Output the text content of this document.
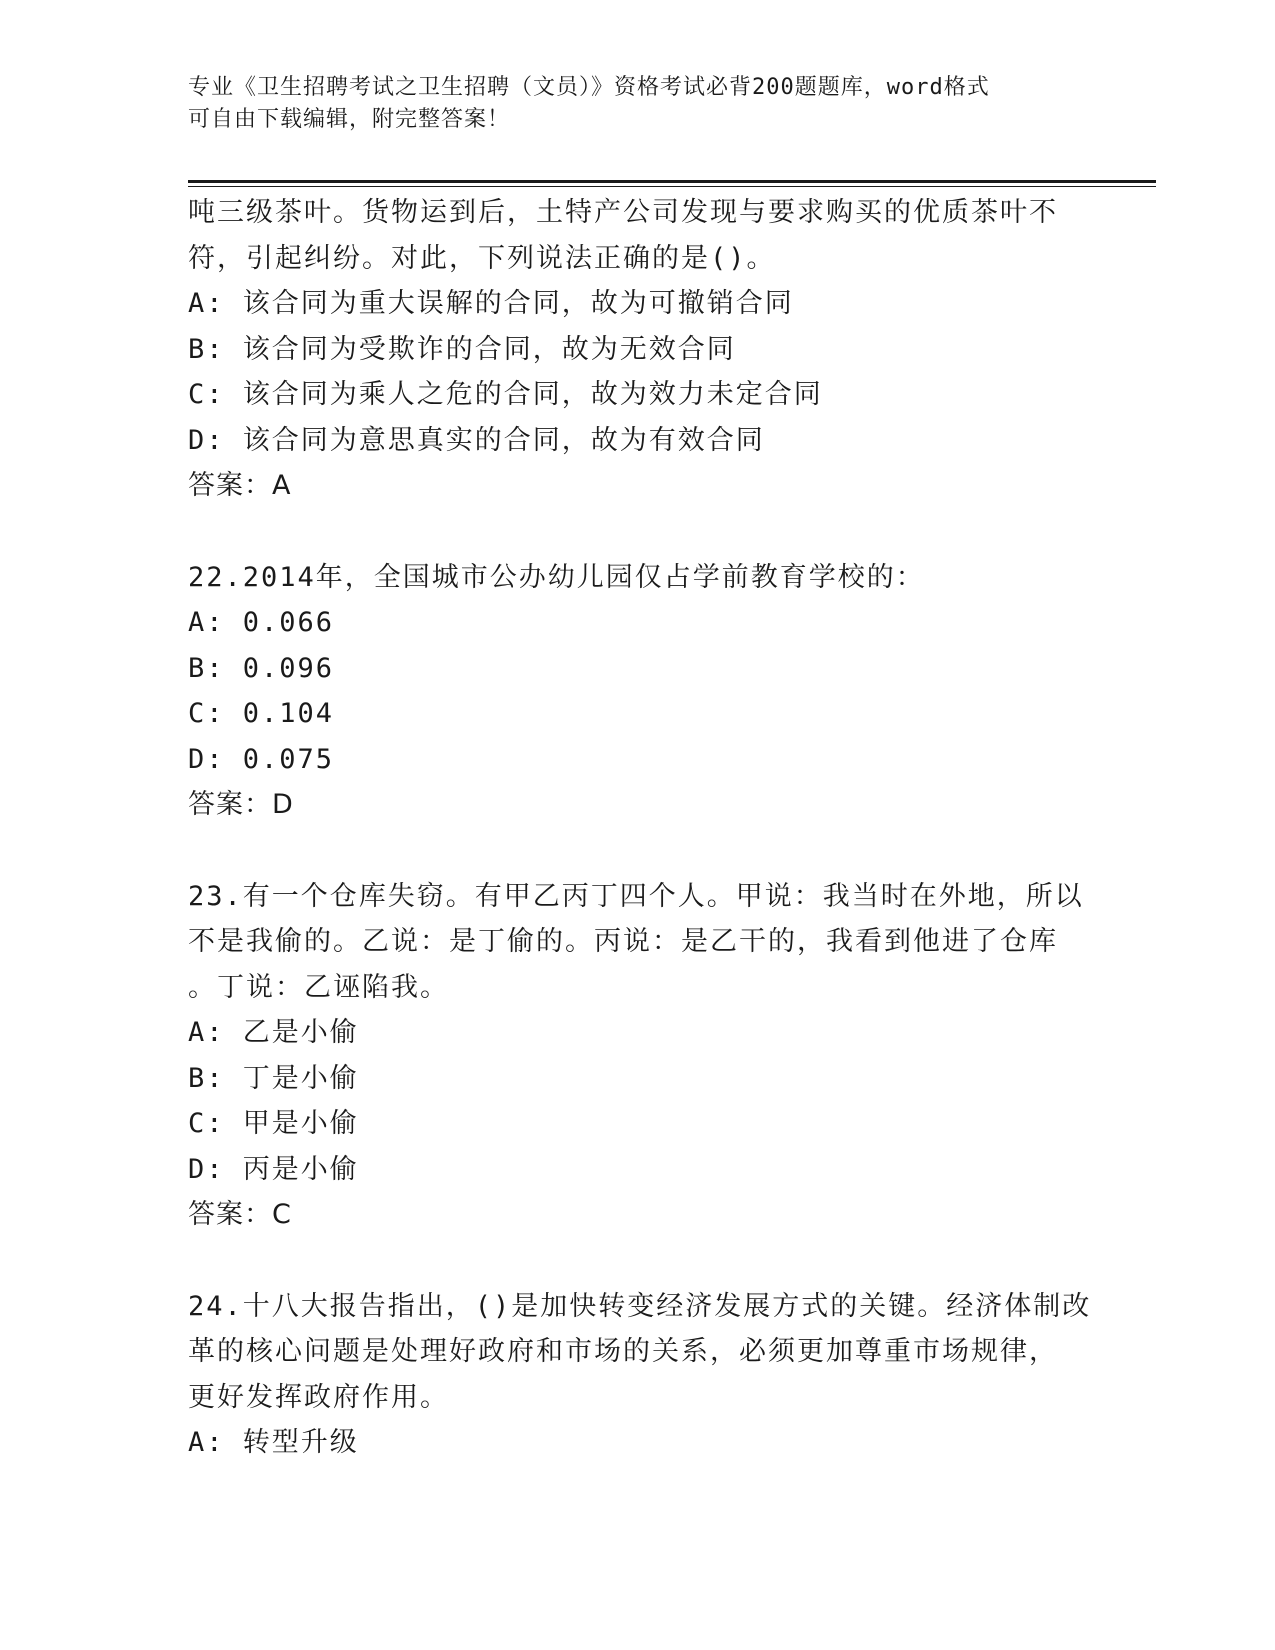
专业《卫生招聘考试之卫生招聘（文员）》资格考试必背200题题库，word格式
可自由下载编辑，附完整答案！
吨三级茶叶。货物运到后，土特产公司发现与要求购买的优质茶叶不
符，引起纠纷。对此，下列说法正确的是()。
A: 该合同为重大误解的合同，故为可撤销合同
B: 该合同为受欺诈的合同，故为无效合同
C: 该合同为乘人之危的合同，故为效力未定合同
D: 该合同为意思真实的合同，故为有效合同
答案：A
22.2014年，全国城市公办幼儿园仅占学前教育学校的：
A: 0.066
B: 0.096
C: 0.104
D: 0.075
答案：D
23.有一个仓库失窃。有甲乙丙丁四个人。甲说：我当时在外地，所以
不是我偷的。乙说：是丁偷的。丙说：是乙干的，我看到他进了仓库
。丁说：乙诬陷我。
A: 乙是小偷
B: 丁是小偷
C: 甲是小偷
D: 丙是小偷
答案：C
24.十八大报告指出，()是加快转变经济发展方式的关键。经济体制改
革的核心问题是处理好政府和市场的关系，必须更加尊重市场规律，
更好发挥政府作用。
A: 转型升级
